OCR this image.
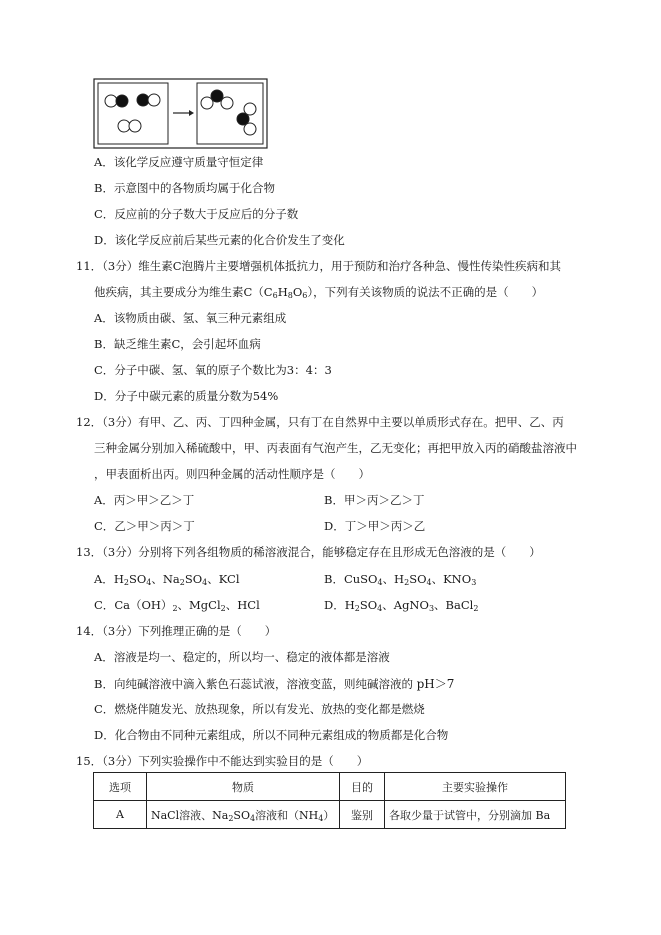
A．该化学反应遵守质量守恒定律
B．示意图中的各物质均属于化合物
C．反应前的分子数大于反应后的分子数
D．该化学反应前后某些元素的化合价发生了变化
11．（3分）维生素C泡腾片主要增强机体抵抗力，用于预防和治疗各种急、慢性传染性疾病和其
他疾病，其主要成分为维生素$C(C_6H_8O_6)$，下列有关该物质的说法不正确的是（　　）
A．该物质由碳、氢、氧三种元素组成
B．缺乏维生素C，会引起坏血病
C．分子中碳、氢、氧的原子个数比为3：4：3
D．分子中碳元素的质量分数为54%
12．（3分）有甲、乙、丙、丁四种金属，只有丁在自然界中主要以单质形式存在。把甲、乙、丙
三种金属分别加入稀硫酸中，甲、丙表面有气泡产生，乙无变化；再把甲放入丙的硝酸盐溶液中
，甲表面析出丙。则四种金属的活动性顺序是（　　）
A．丙＞甲＞乙＞丁	B．甲＞丙＞乙＞丁
C．乙＞甲＞丙＞丁	D．丁＞甲＞丙＞乙
13．（3分）分别将下列各组物质的稀溶液混合，能够稳定存在且形成无色溶液的是（　　）
A．$H_2SO_4$、$Na_2SO_4$、KCl	B．CuSO$_4$、$H_2SO_4$、$KNO_3$
C．$Ca(OH)_2$、MgCl$_2$、HCl	D．$H_2SO_4$、AgNO$_3$、BaCl$_2$
14．（3分）下列推理正确的是（　　）
A．溶液是均一、稳定的，所以均一、稳定的液体都是溶液
B．向纯碱溶液中滴入紫色石蕊试液，溶液变蓝，则纯碱溶液的 pH＞7
C．燃烧伴随发光、放热现象，所以有发光、放热的变化都是燃烧
D．化合物由不同种元素组成，所以不同种元素组成的物质都是化合物
15．（3分）下列实验操作中不能达到实验目的是（　　）
选项	物质	目的	主要实验操作
A	NaCl溶液、$Na_2SO_4$溶液和$(NH_4)$	鉴别	各取少量于试管中，分别滴加 Ba
